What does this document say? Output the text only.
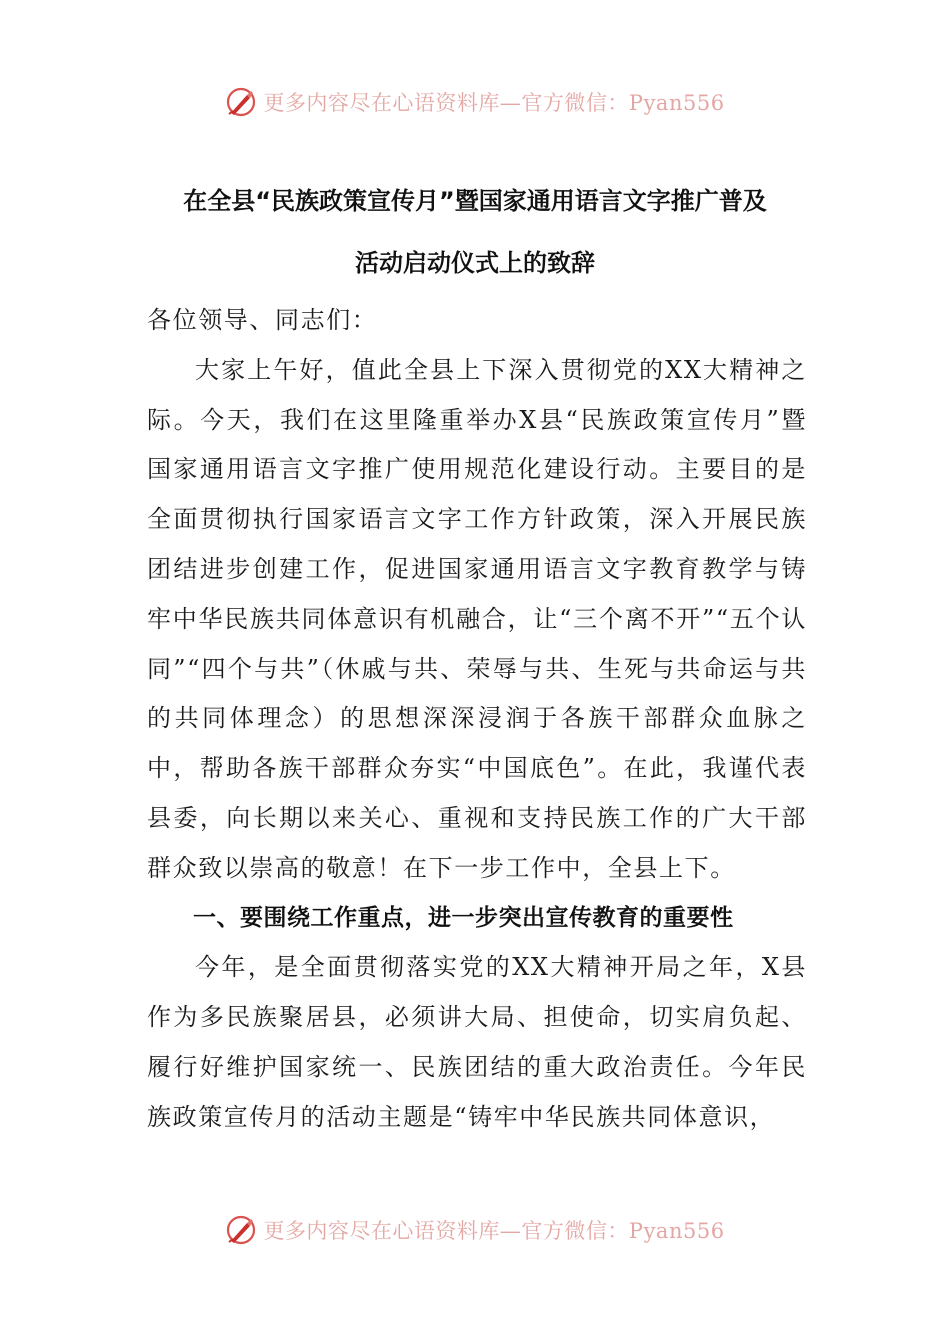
更多内容尽在心语资料库—官方微信：Pyan556
在全县“民族政策宣传月”暨国家通用语言文字推广普及
活动启动仪式上的致辞

各位领导、同志们：

大家上午好，值此全县上下深入贯彻党的XX大精神之际。今天，我们在这里隆重举办X县“民族政策宣传月”暨国家通用语言文字推广使用规范化建设行动。主要目的是全面贯彻执行国家语言文字工作方针政策，深入开展民族团结进步创建工作，促进国家通用语言文字教育教学与铸牢中华民族共同体意识有机融合，让“三个离不开”“五个认同”“四个与共”（休戚与共、荣辱与共、生死与共命运与共的共同体理念）的思想深深浸润于各族干部群众血脉之中，帮助各族干部群众夯实“中国底色”。在此，我谨代表县委，向长期以来关心、重视和支持民族工作的广大干部群众致以崇高的敬意！在下一步工作中，全县上下。

一、要围绕工作重点，进一步突出宣传教育的重要性

今年，是全面贯彻落实党的XX大精神开局之年，X县作为多民族聚居县，必须讲大局、担使命，切实肩负起、履行好维护国家统一、民族团结的重大政治责任。今年民族政策宣传月的活动主题是“铸牢中华民族共同体意识，

更多内容尽在心语资料库—官方微信：Pyan556
